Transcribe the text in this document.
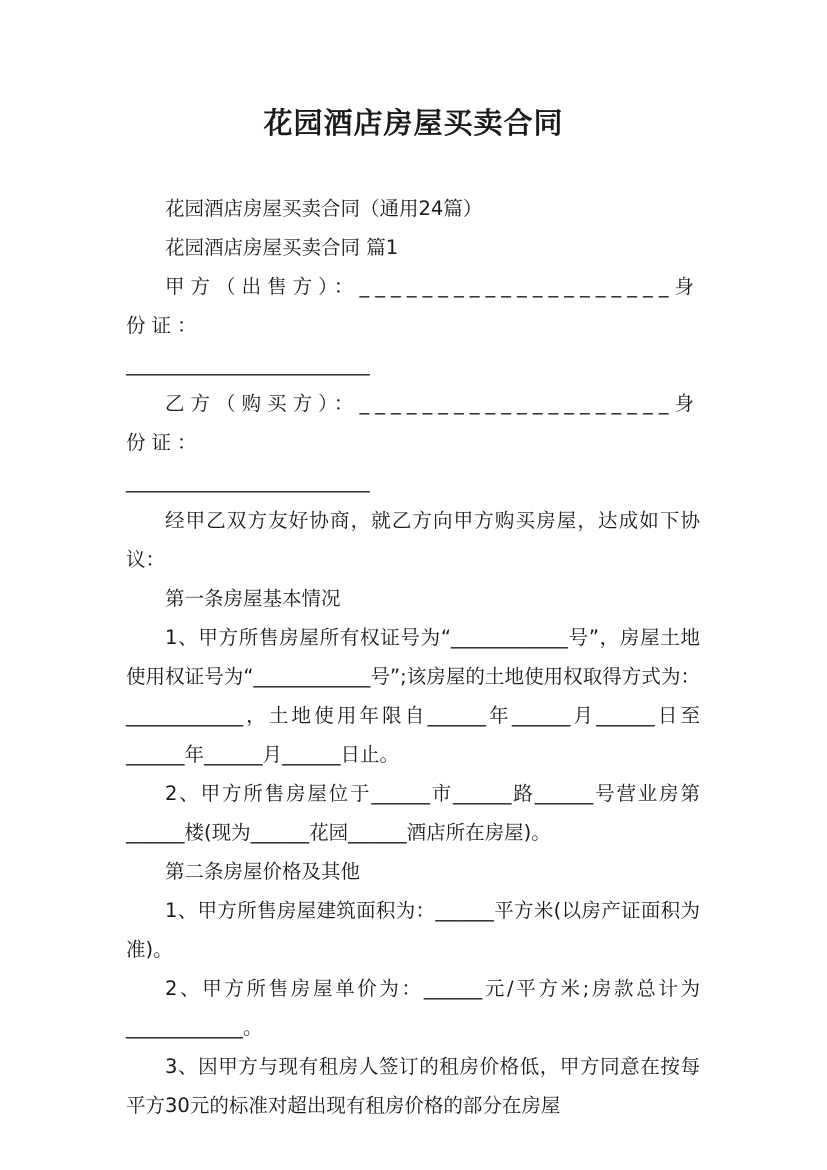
花园酒店房屋买卖合同

花园酒店房屋买卖合同（通用24篇）

花园酒店房屋买卖合同 篇1

甲方（出售方）：____________________身份证：

_________________________

乙方（购买方）：____________________身份证：

_________________________

经甲乙双方友好协商，就乙方向甲方购买房屋，达成如下协议：

第一条房屋基本情况

1、甲方所售房屋所有权证号为“____________号”，房屋土地使用权证号为“____________号”;该房屋的土地使用权取得方式为：____________，土地使用年限自______年______月______日至______年______月______日止。

2、甲方所售房屋位于______市______路______号营业房第______楼(现为______花园______酒店所在房屋)。

第二条房屋价格及其他

1、甲方所售房屋建筑面积为：______平方米(以房产证面积为准)。

2、甲方所售房屋单价为：______元/平方米;房款总计为____________。

3、因甲方与现有租房人签订的租房价格低，甲方同意在按每平方30元的标准对超出现有租房价格的部分在房屋
